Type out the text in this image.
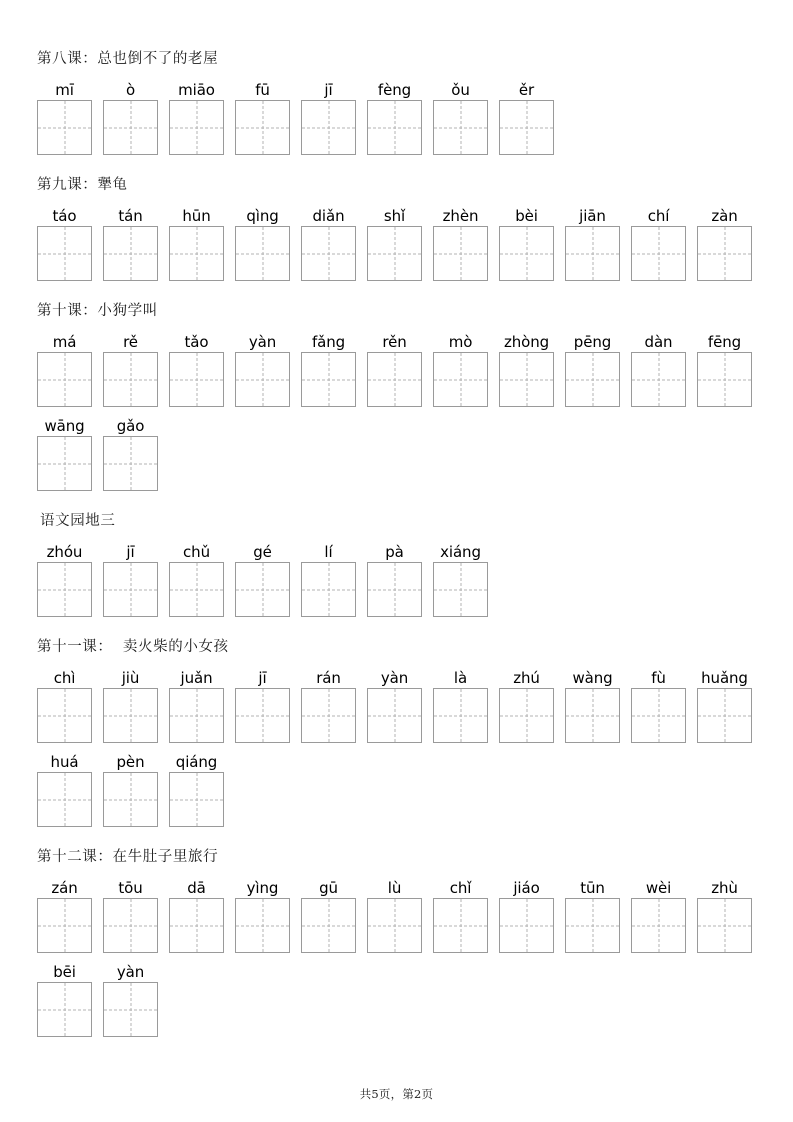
第八课：总也倒不了的老屋
mī	ò	miāo	fū	jī	fèng	ǒu	ěr
第九课：犟龟
táo	tán	hūn qìng diǎn	shǐ	zhèn bèi	jiān	chí	zàn
第十课：小狗学叫
má	rě	tǎo	yàn fǎng rěn	mò zhòng pēng dàn fēng
wāng gǎo
语文园地三
zhóu	jī	chǔ	gé	lí	pà xiáng
第十一课：  卖火柴的小女孩
chì	jiù	juǎn	jī	rán	yàn	là	zhú wàng	fù huǎng
huá	pèn qiáng
第十二课：在牛肚子里旅行
zán	tōu	dā	yìng	gū	lù	chǐ	jiáo	tūn	wèi	zhù
bēi	yàn
共5页，第2页
